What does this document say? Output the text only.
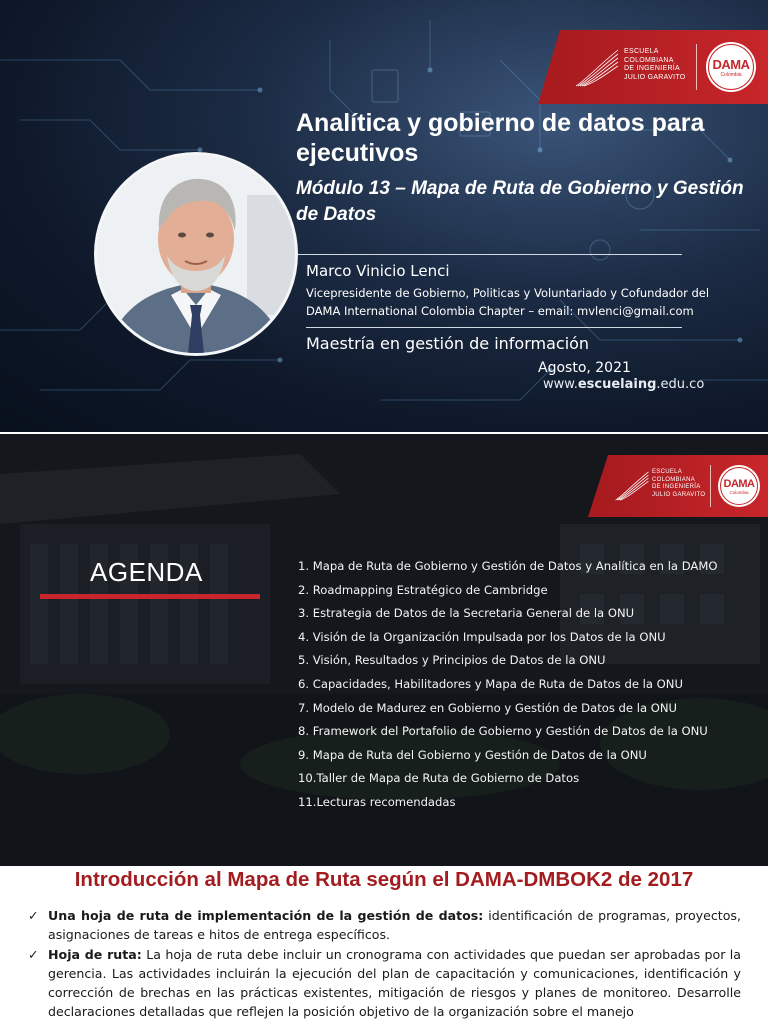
ESCUELA
COLOMBIANA
DE INGENIERÍA
JULIO GARAVITO
DAMA
Colombia
Analítica y gobierno de datos para ejecutivos
Módulo 13 – Mapa de Ruta de Gobierno y Gestión de Datos
Marco Vinicio Lenci
Vicepresidente de Gobierno, Politicas y Voluntariado y Cofundador del DAMA International Colombia Chapter – email: mvlenci@gmail.com
Maestría en gestión de información
Agosto, 2021
www.escuelaing.edu.co
ESCUELA
COLOMBIANA
DE INGENIERÍA
JULIO GARAVITO
DAMA
Colombia
AGENDA	1. Mapa de Ruta de Gobierno y Gestión de Datos y Analítica en la DAMO
2. Roadmapping Estratégico de Cambridge
3. Estrategia de Datos de la Secretaria General de la ONU
4. Visión de la Organización Impulsada por los Datos de la ONU
5. Visión, Resultados y Principios de Datos de la ONU
6. Capacidades, Habilitadores y Mapa de Ruta de Datos de la ONU
7. Modelo de Madurez en Gobierno y Gestión de Datos de la ONU
8. Framework del Portafolio de Gobierno y Gestión de Datos de la ONU
9. Mapa de Ruta del Gobierno y Gestión de Datos de la ONU
10.Taller de Mapa de Ruta de Gobierno de Datos
11.Lecturas recomendadas
Introducción al Mapa de Ruta según el DAMA-DMBOK2 de 2017
✓ Una hoja de ruta de implementación de la gestión de datos: identificación de programas, proyectos, asignaciones de tareas e hitos de entrega específicos.
✓ Hoja de ruta: La hoja de ruta debe incluir un cronograma con actividades que puedan ser aprobadas por la gerencia. Las actividades incluirán la ejecución del plan de capacitación y comunicaciones, identificación y corrección de brechas en las prácticas existentes, mitigación de riesgos y planes de monitoreo. Desarrolle declaraciones detalladas que reflejen la posición objetivo de la organización sobre el manejo
